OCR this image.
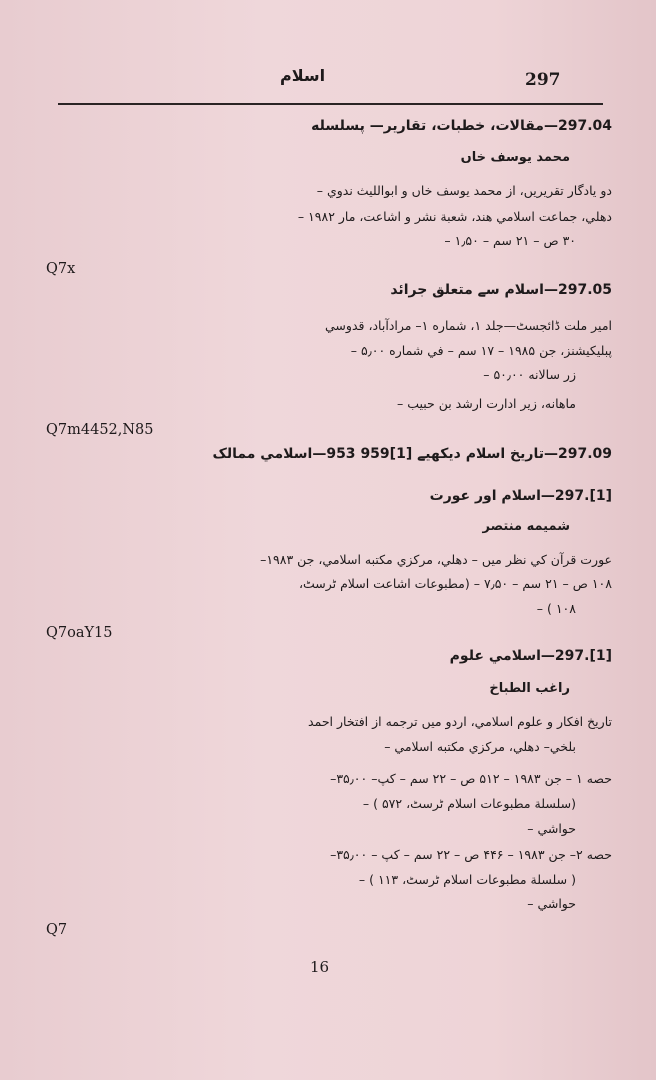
297
اسلام
297.04—مقالات، خطبات، تقاریر— پسلسله
محمد یوسف خاں
دو یادگار تقریریں، از محمد یوسف خاں و ابواللیث ندوي –
دهلي، جماعت اسلامي هند، شعبة نشر و اشاعت، مار ۱۹۸۲ –
۳۰ ص – ۲۱ سم – ۱٫۵۰ –
Q7x
297.05—اسلام سے متعلق جرائد
امیر ملت ڈائجسٹ—جلد ۱، شماره ۱– مرادآباد، قدوسي
پبلیکیشنز، جن ۱۹۸۵ – ۱۷ سم – في شماره ۵٫۰۰ –
زر سالانه ۵۰٫۰۰ –
ماهانه، زیر ادارت ارشد بن حبیب –
Q7m4452,N85
297.09—تاریخ اسلام دیکهیے [1]959 953—اسلامي ممالک
[1].297—اسلام اور عورت
شمیمه منتصر
عورت قرآن کي نظر میں – دهلي، مرکزي مکتبه اسلامي، جن ۱۹۸۳–
۱۰۸ ص – ۲۱ سم – ۷٫۵۰ – (مطبوعات اشاعت اسلام ٹرسٹ،
۱۰۸ ) –
Q7oaY15
[1].297—اسلامي علوم
راغب الطباخ
تاریخ افکار و علوم اسلامي، اردو میں ترجمه از افتخار احمد
بلخي– دهلي، مرکزي مکتبه اسلامي –
حصه ۱ – جن ۱۹۸۳ – ۵۱۲ ص – ۲۲ سم – کپ– ۳۵٫۰۰–
(سلسلة مطبوعات اسلام ٹرسٹ، ۵۷۲ ) –
حواشي –
حصه ۲– جن ۱۹۸۳ – ۴۴۶ ص – ۲۲ سم – کپ – ۳۵٫۰۰–
( سلسلة مطبوعات اسلام ٹرسٹ، ۱۱۳ ) –
حواشي –
Q7
16
